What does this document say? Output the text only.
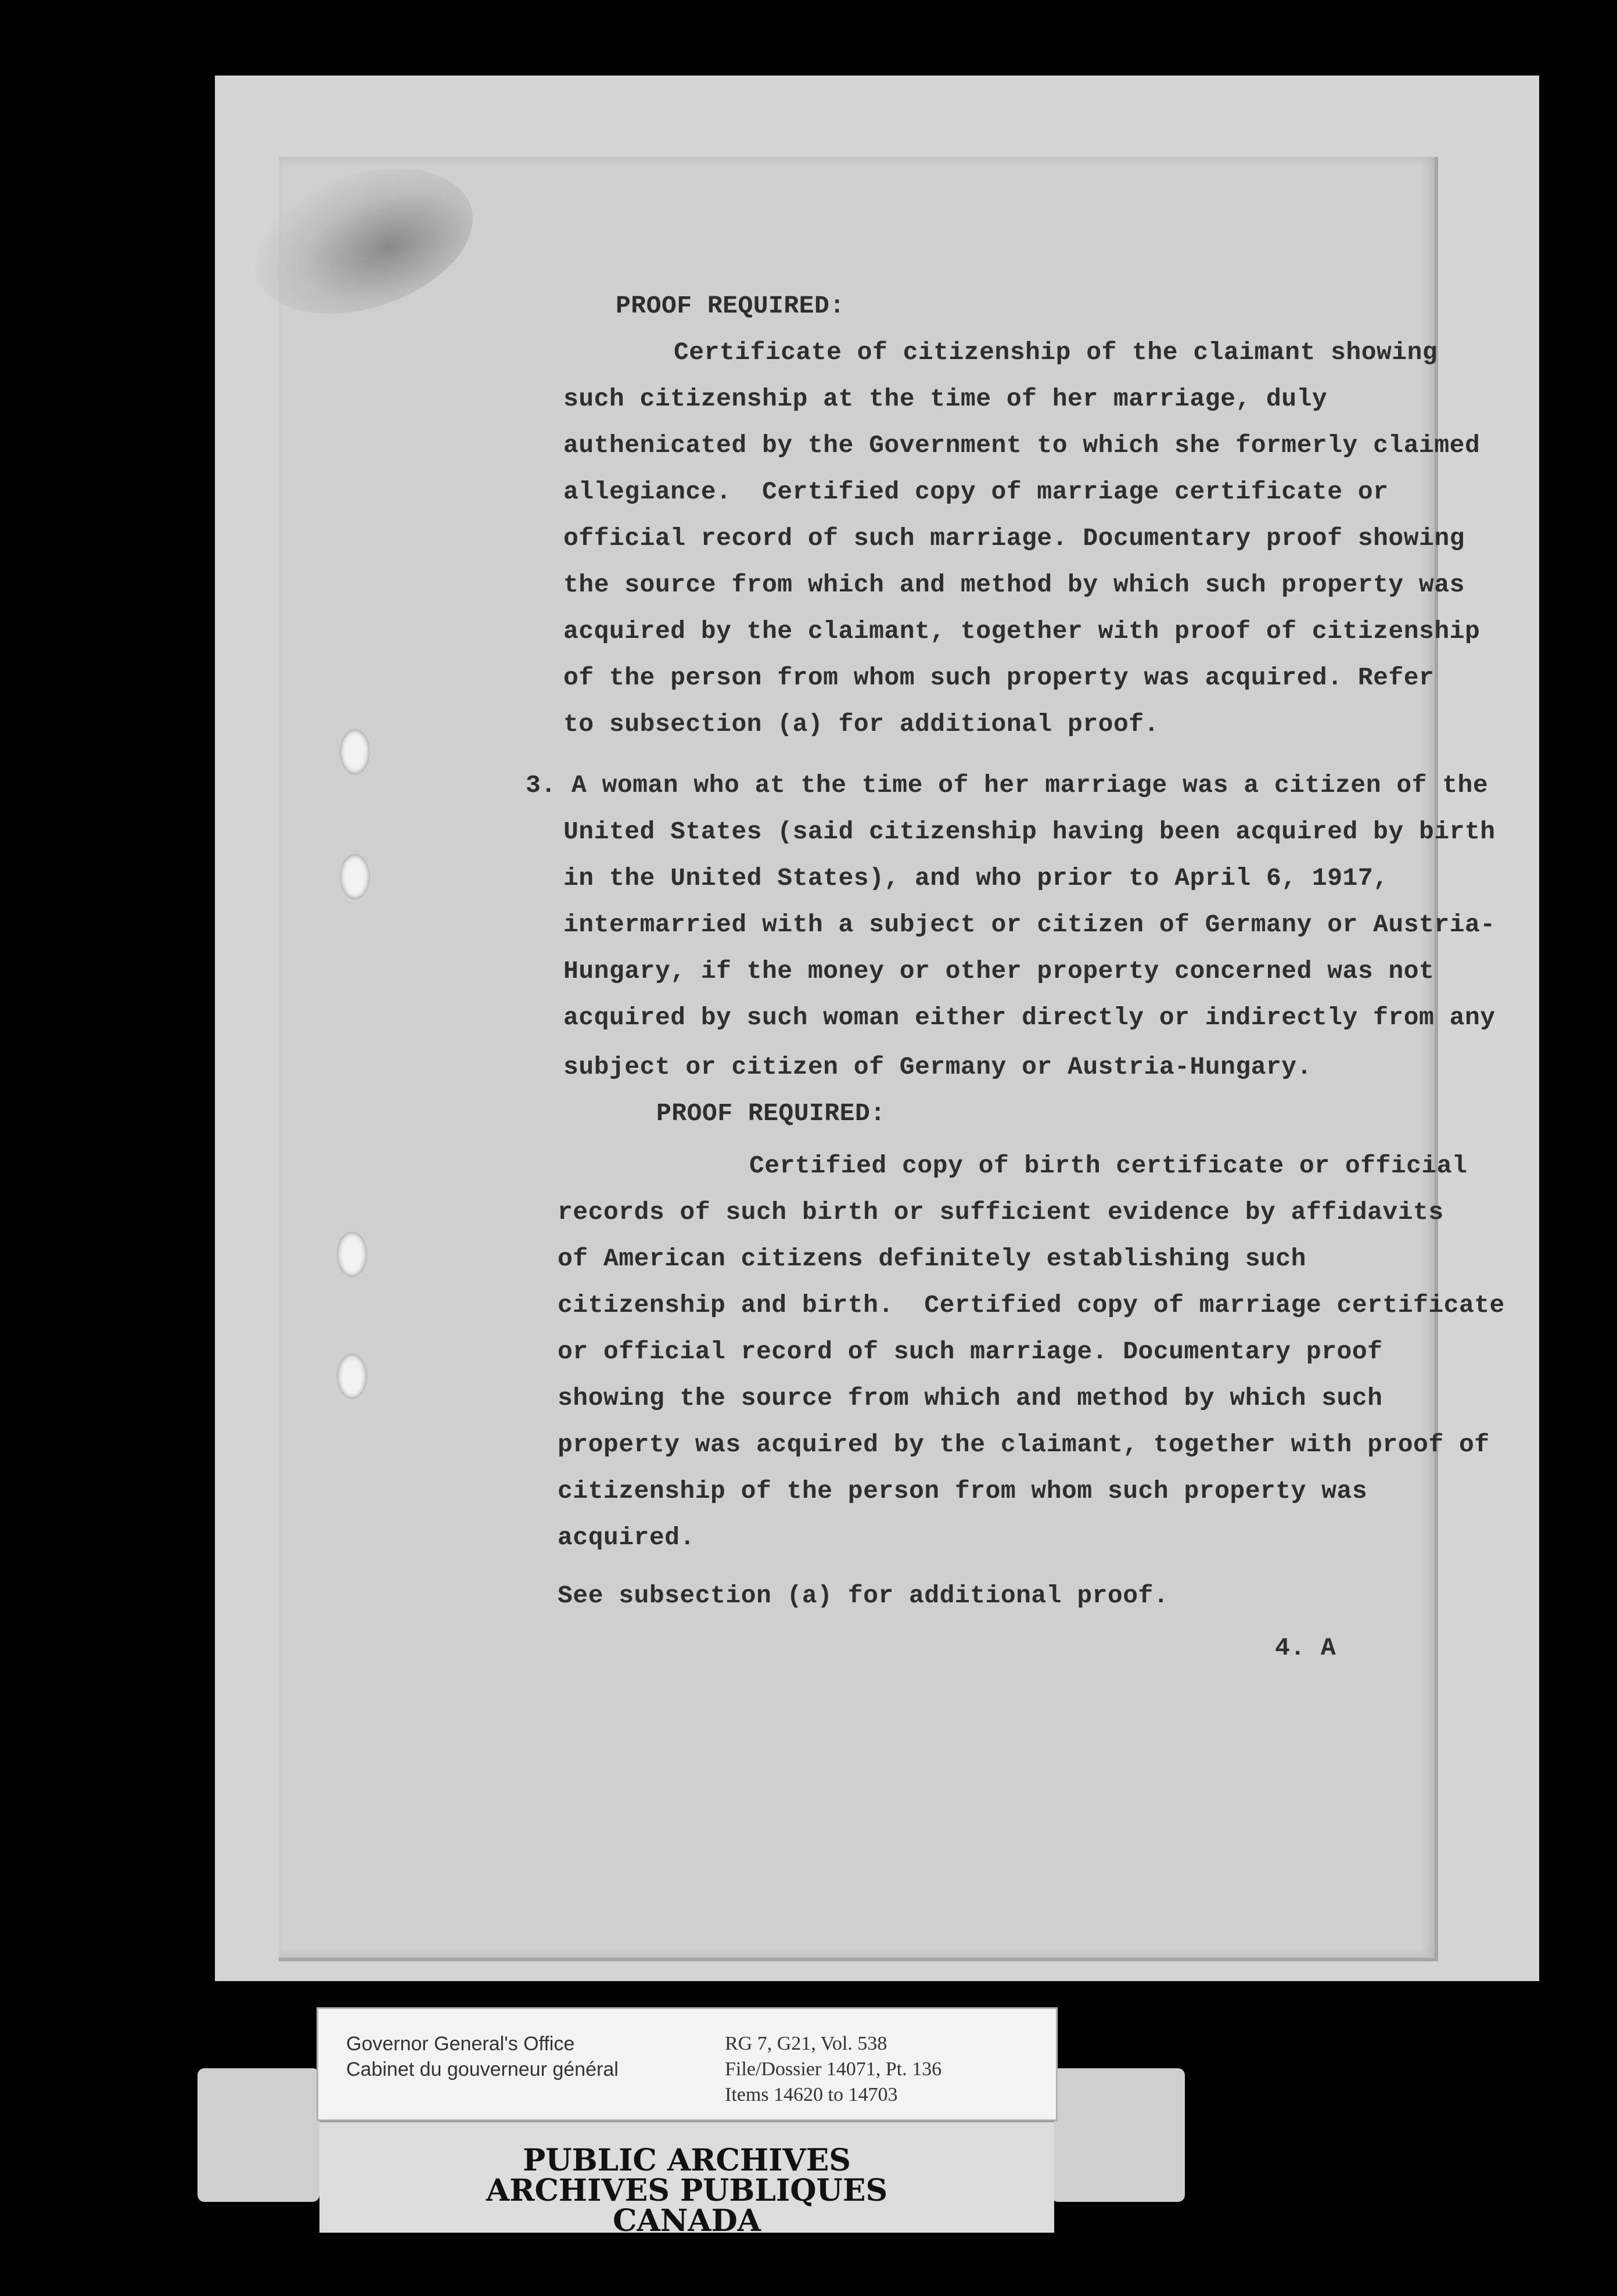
PROOF REQUIRED:

Certificate of citizenship of the claimant showing

such citizenship at the time of her marriage, duly

authenicated by the Government to which she formerly claimed

allegiance.  Certified copy of marriage certificate or

official record of such marriage. Documentary proof showing

the source from which and method by which such property was

acquired by the claimant, together with proof of citizenship

of the person from whom such property was acquired. Refer

to subsection (a) for additional proof.

3. A woman who at the time of her marriage was a citizen of the

United States (said citizenship having been acquired by birth

in the United States), and who prior to April 6, 1917,

intermarried with a subject or citizen of Germany or Austria-

Hungary, if the money or other property concerned was not

acquired by such woman either directly or indirectly from any

subject or citizen of Germany or Austria-Hungary.

PROOF REQUIRED:

Certified copy of birth certificate or official

records of such birth or sufficient evidence by affidavits

of American citizens definitely establishing such

citizenship and birth.  Certified copy of marriage certificate

or official record of such marriage. Documentary proof

showing the source from which and method by which such

property was acquired by the claimant, together with proof of

citizenship of the person from whom such property was

acquired.

See subsection (a) for additional proof.

4. A

Governor General's Office
Cabinet du gouverneur général
RG 7, G21, Vol. 538
File/Dossier 14071, Pt. 136
Items 14620 to 14703
PUBLIC ARCHIVES
ARCHIVES PUBLIQUES
CANADA
